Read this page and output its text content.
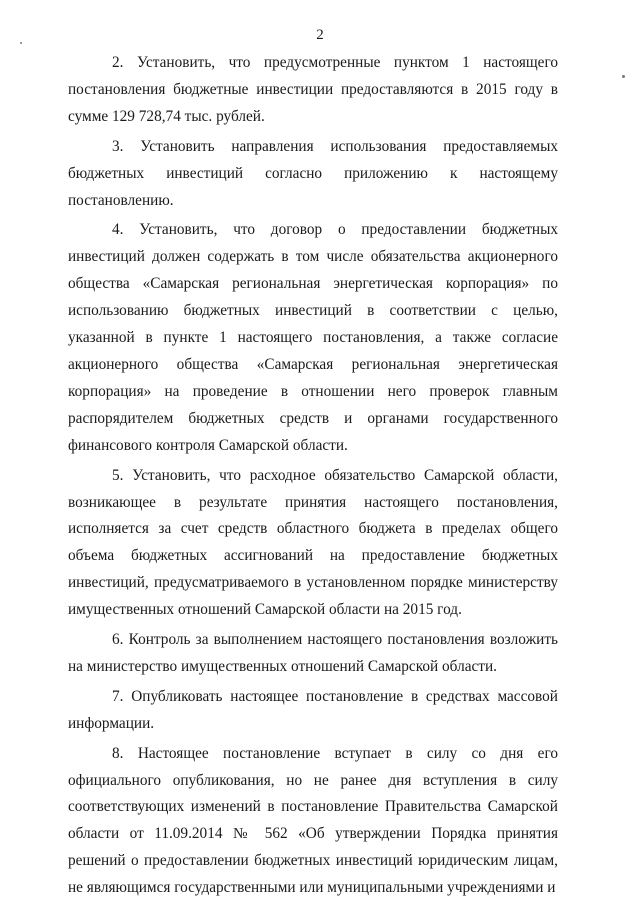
2

2. Установить, что предусмотренные пунктом 1 настоящего постановления бюджетные инвестиции предоставляются в 2015 году в сумме 129 728,74 тыс. рублей.

3. Установить направления использования предоставляемых бюджетных инвестиций согласно приложению к настоящему постановлению.

4. Установить, что договор о предоставлении бюджетных инвестиций должен содержать в том числе обязательства акционерного общества «Самарская региональная энергетическая корпорация» по использованию бюджетных инвестиций в соответствии с целью, указанной в пункте 1 настоящего постановления, а также согласие акционерного общества «Самарская региональная энергетическая корпорация» на проведение в отношении него проверок главным распорядителем бюджетных средств и органами государственного финансового контроля Самарской области.

5. Установить, что расходное обязательство Самарской области, возникающее в результате принятия настоящего постановления, исполняется за счет средств областного бюджета в пределах общего объема бюджетных ассигнований на предоставление бюджетных инвестиций, предусматриваемого в установленном порядке министерству имущественных отношений Самарской области на 2015 год.

6. Контроль за выполнением настоящего постановления возложить на министерство имущественных отношений Самарской области.

7. Опубликовать настоящее постановление в средствах массовой информации.

8. Настоящее постановление вступает в силу со дня его официального опубликования, но не ранее дня вступления в силу соответствующих изменений в постановление Правительства Самарской области от 11.09.2014 № 562 «Об утверждении Порядка принятия решений о предоставлении бюджетных инвестиций юридическим лицам, не являющимся государственными или муниципальными учреждениями и
